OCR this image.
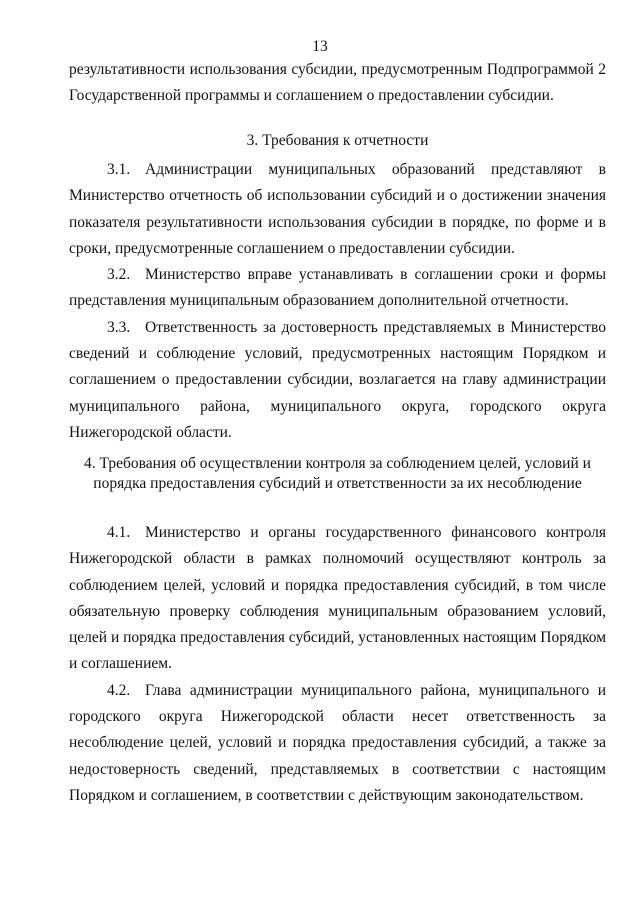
13

результативности использования субсидии, предусмотренным Подпрограммой 2 Государственной программы и соглашением о предоставлении субсидии.

3. Требования к отчетности

3.1. Администрации муниципальных образований представляют в Министерство отчетность об использовании субсидий и о достижении значения показателя результативности использования субсидии в порядке, по форме и в сроки, предусмотренные соглашением о предоставлении субсидии.

3.2. Министерство вправе устанавливать в соглашении сроки и формы представления муниципальным образованием дополнительной отчетности.

3.3. Ответственность за достоверность представляемых в Министерство сведений и соблюдение условий, предусмотренных настоящим Порядком и соглашением о предоставлении субсидии, возлагается на главу администрации муниципального района, муниципального округа, городского округа Нижегородской области.

4. Требования об осуществлении контроля за соблюдением целей, условий и
порядка предоставления субсидий и ответственности за их несоблюдение

4.1. Министерство и органы государственного финансового контроля Нижегородской области в рамках полномочий осуществляют контроль за соблюдением целей, условий и порядка предоставления субсидий, в том числе обязательную проверку соблюдения муниципальным образованием условий, целей и порядка предоставления субсидий, установленных настоящим Порядком и соглашением.

4.2. Глава администрации муниципального района, муниципального и городского округа Нижегородской области несет ответственность за несоблюдение целей, условий и порядка предоставления субсидий, а также за недостоверность сведений, представляемых в соответствии с настоящим Порядком и соглашением, в соответствии с действующим законодательством.
